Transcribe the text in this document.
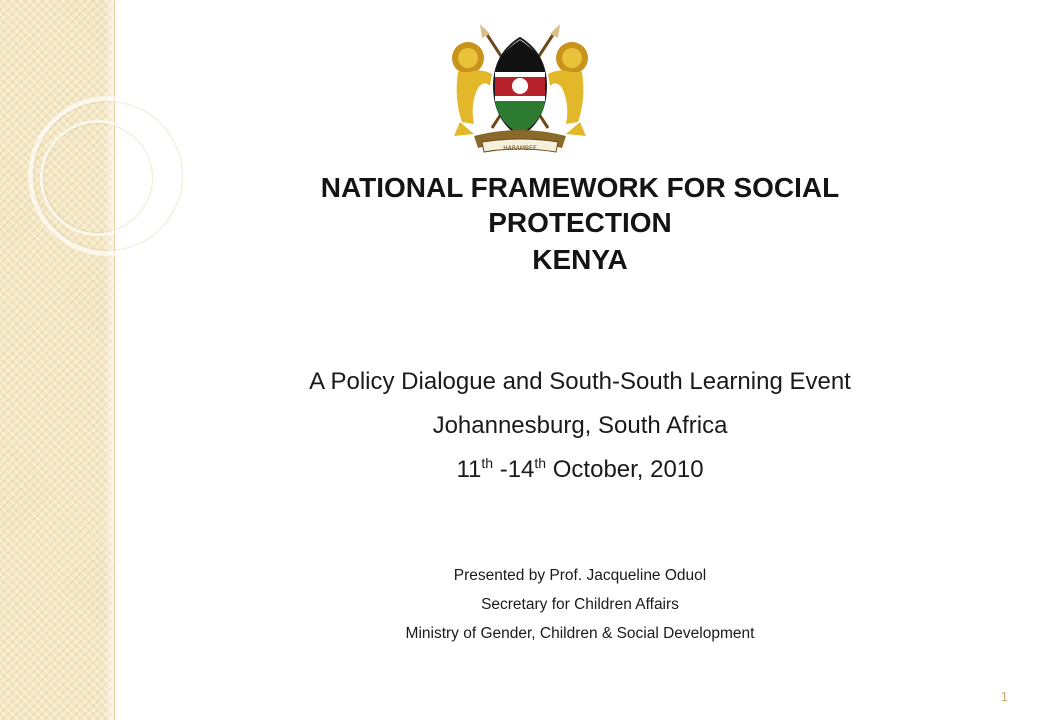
HARAMBEE
NATIONAL FRAMEWORK FOR SOCIAL
PROTECTION
KENYA
A Policy Dialogue and South-South Learning Event
Johannesburg, South Africa
11th -14th October, 2010
Presented by Prof. Jacqueline Oduol
Secretary for Children Affairs
Ministry of Gender, Children & Social Development
1
